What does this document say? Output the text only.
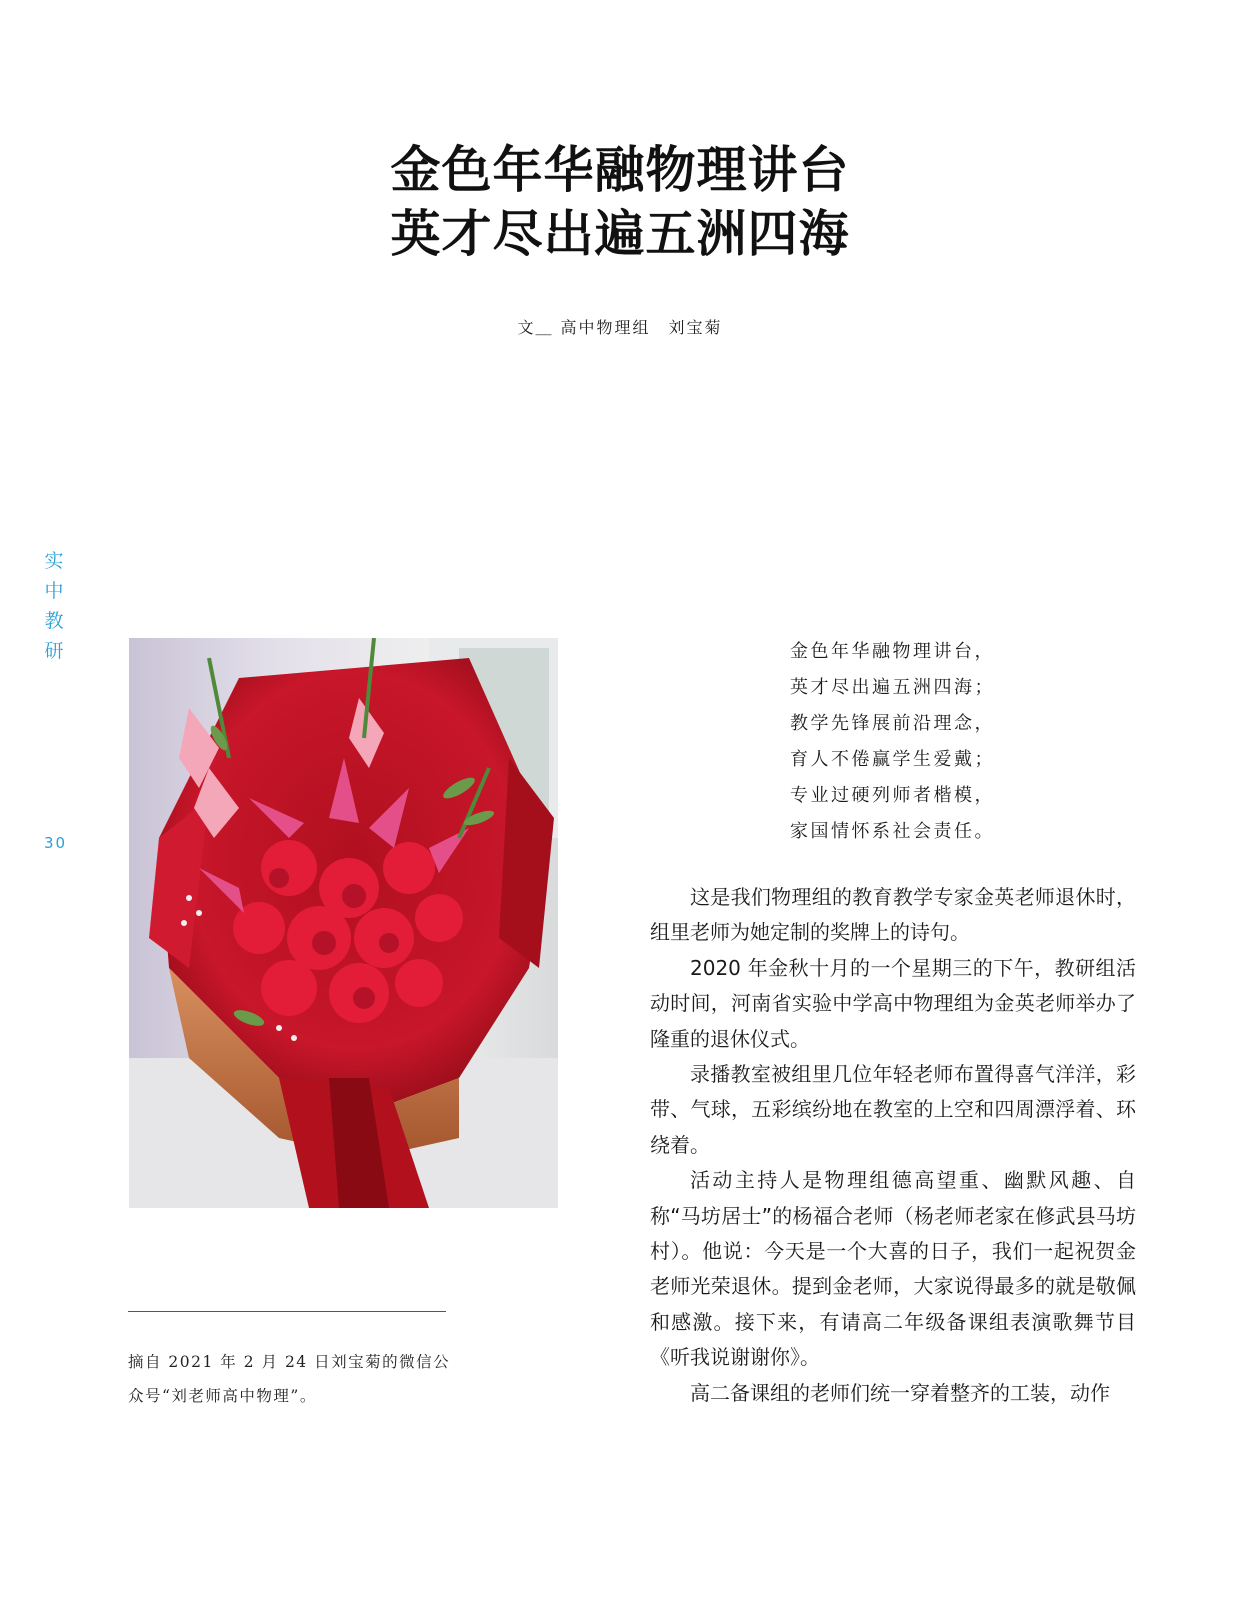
金色年华融物理讲台
英才尽出遍五洲四海
文＿ 高中物理组　刘宝菊
实
中
教
研
30
摘自 2021 年 2 月 24 日刘宝菊的微信公众号“刘老师高中物理”。
金色年华融物理讲台，
英才尽出遍五洲四海；
教学先锋展前沿理念，
育人不倦赢学生爱戴；
专业过硬列师者楷模，
家国情怀系社会责任。

这是我们物理组的教育教学专家金英老师退休时，组里老师为她定制的奖牌上的诗句。

2020 年金秋十月的一个星期三的下午，教研组活动时间，河南省实验中学高中物理组为金英老师举办了隆重的退休仪式。

录播教室被组里几位年轻老师布置得喜气洋洋，彩带、气球，五彩缤纷地在教室的上空和四周漂浮着、环绕着。

活动主持人是物理组德高望重、幽默风趣、自称“马坊居士”的杨福合老师（杨老师老家在修武县马坊村）。他说：今天是一个大喜的日子，我们一起祝贺金老师光荣退休。提到金老师，大家说得最多的就是敬佩和感激。接下来，有请高二年级备课组表演歌舞节目《听我说谢谢你》。

高二备课组的老师们统一穿着整齐的工装，动作
